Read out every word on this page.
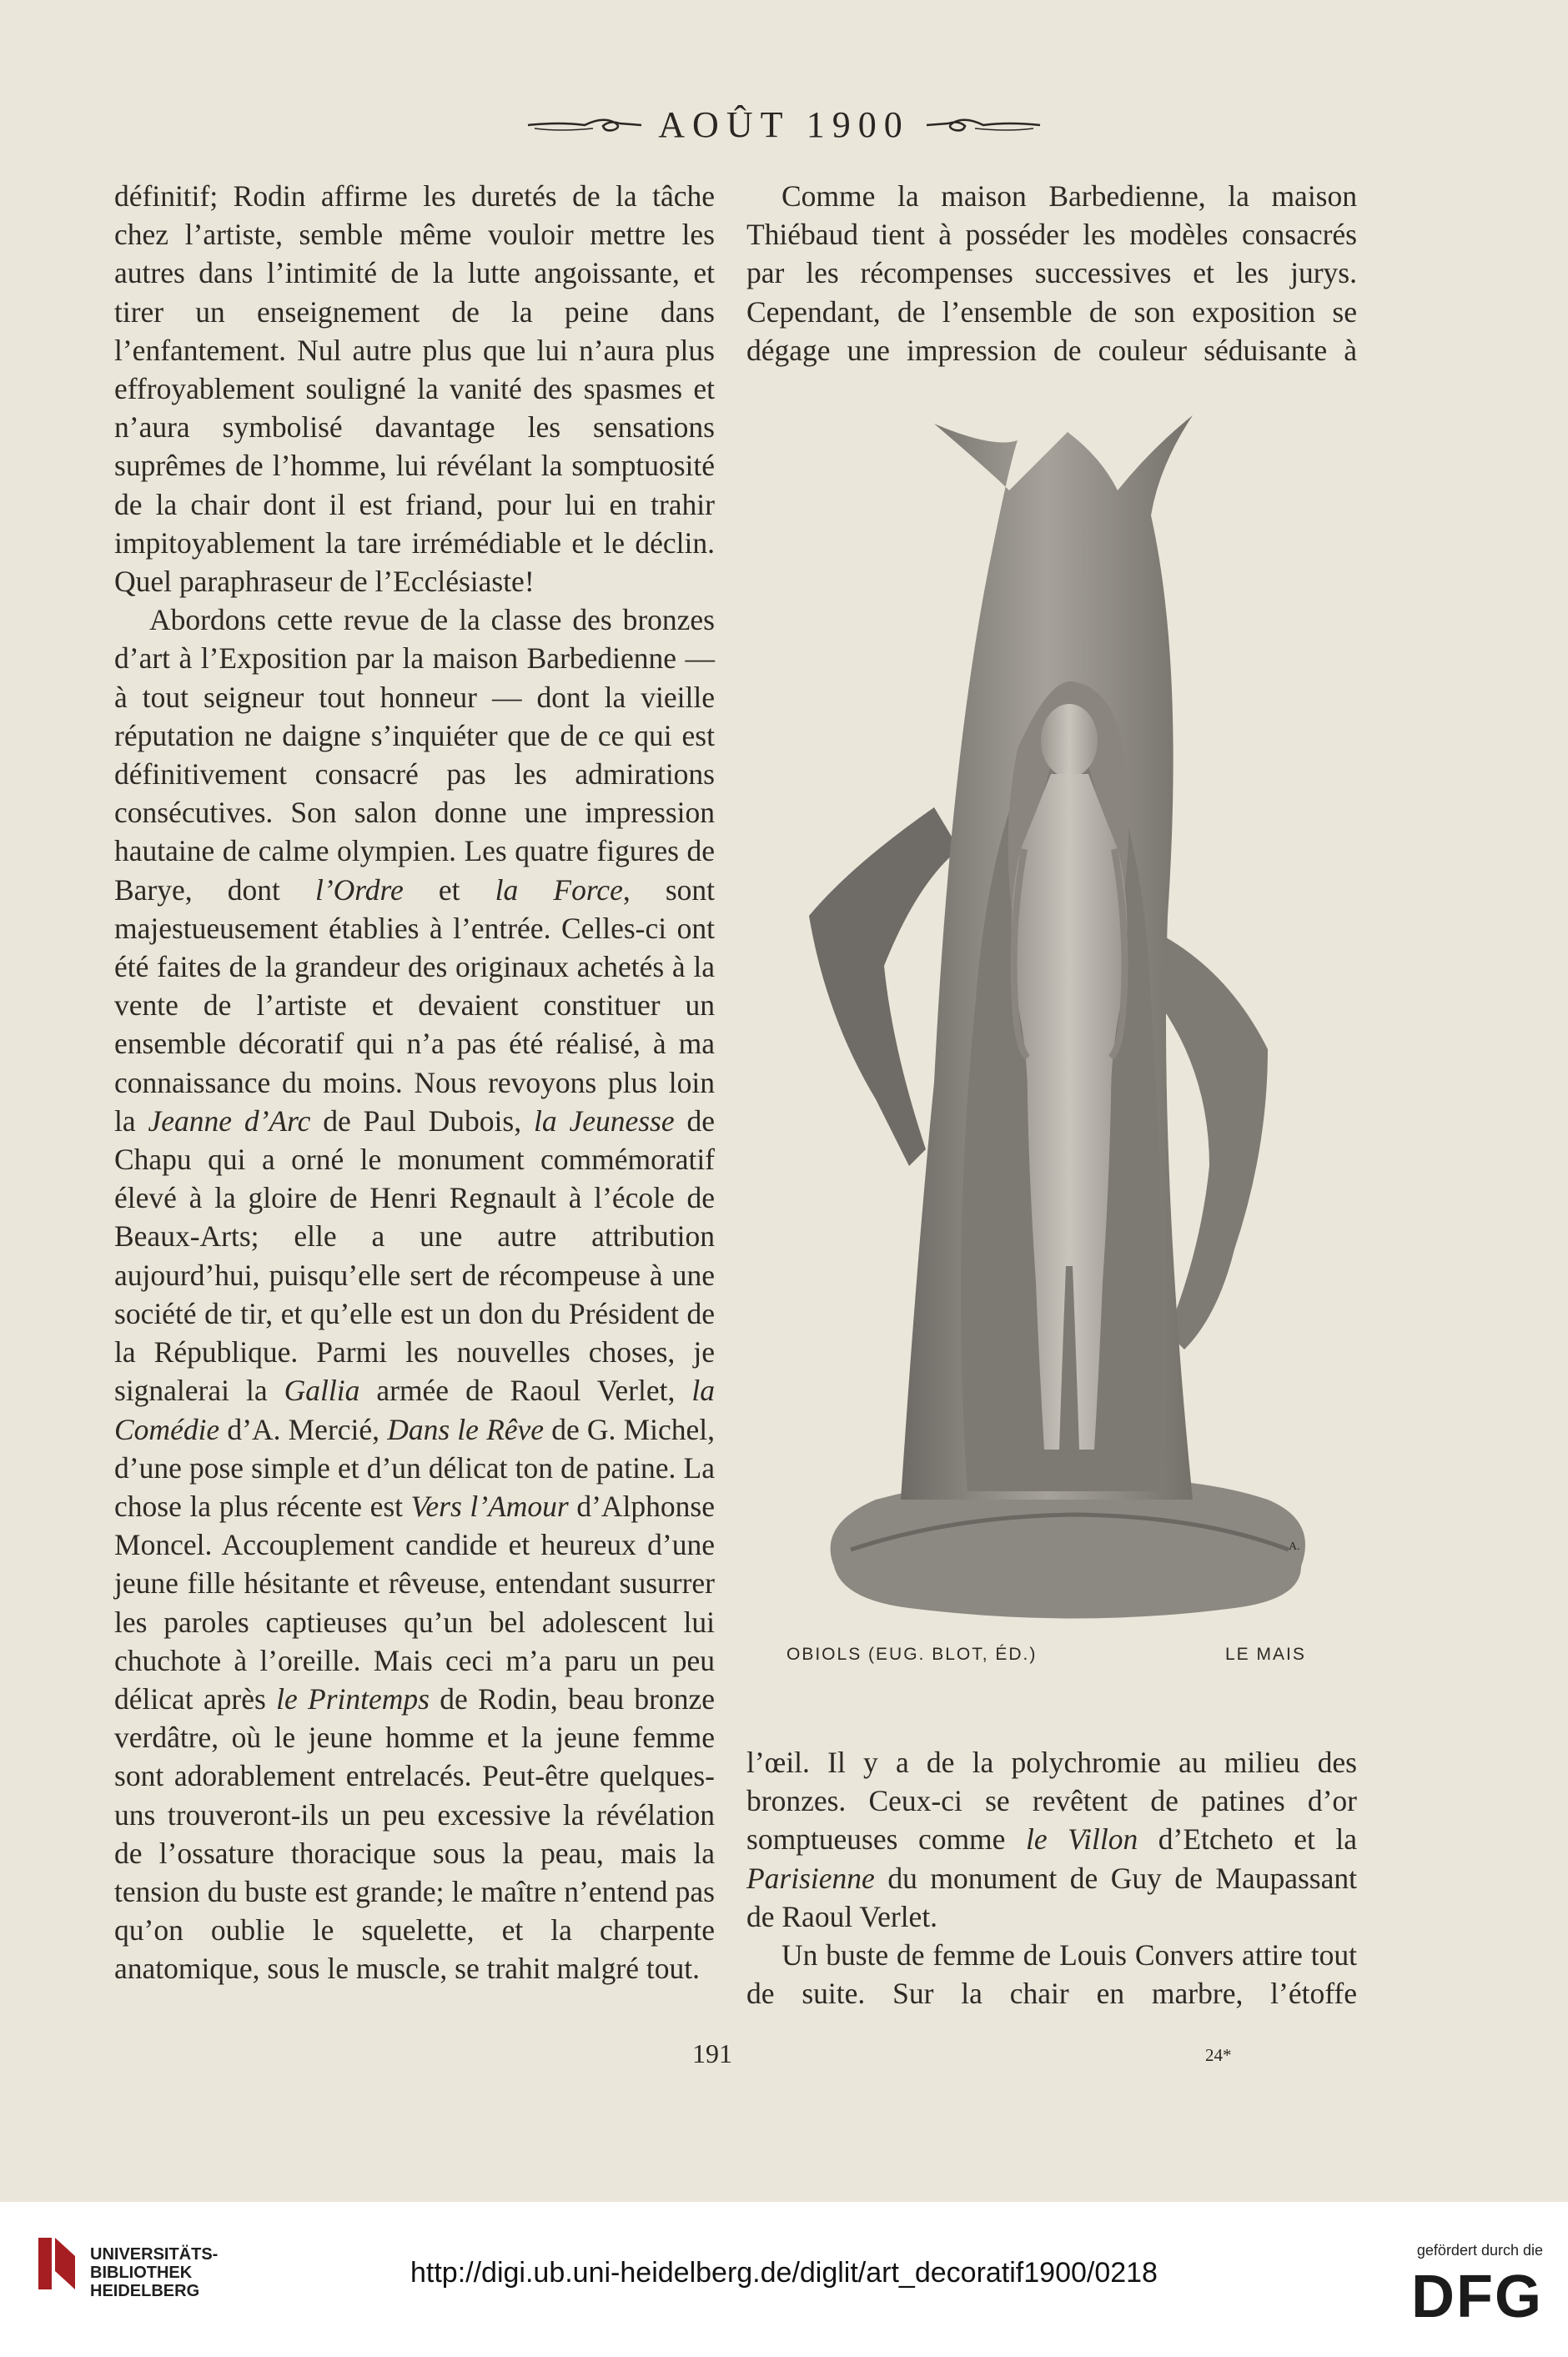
AOÛT 1900

définitif; Rodin affirme les duretés de la tâche chez l’artiste, semble même vouloir mettre les autres dans l’intimité de la lutte angoissante, et tirer un enseignement de la peine dans l’enfantement. Nul autre plus que lui n’aura plus effroyablement souligné la vanité des spasmes et n’aura symbolisé davantage les sensations suprêmes de l’homme, lui révélant la somptuosité de la chair dont il est friand, pour lui en trahir impitoyablement la tare irrémédiable et le déclin. Quel paraphraseur de l’Ecclésiaste!

Abordons cette revue de la classe des bronzes d’art à l’Exposition par la maison Barbedienne — à tout seigneur tout honneur — dont la vieille réputation ne daigne s’inquiéter que de ce qui est définitivement consacré pas les admirations consécutives. Son salon donne une impression hautaine de calme olympien. Les quatre figures de Barye, dont l’Ordre et la Force, sont majestueusement établies à l’entrée. Celles-ci ont été faites de la grandeur des originaux achetés à la vente de l’artiste et devaient constituer un ensemble décoratif qui n’a pas été réalisé, à ma connaissance du moins. Nous revoyons plus loin la Jeanne d’Arc de Paul Dubois, la Jeunesse de Chapu qui a orné le monument commémoratif élevé à la gloire de Henri Regnault à l’école de Beaux-Arts; elle a une autre attribution aujourd’hui, puisqu’elle sert de récompeuse à une société de tir, et qu’elle est un don du Président de la République. Parmi les nouvelles choses, je signalerai la Gallia armée de Raoul Verlet, la Comédie d’A. Mercié, Dans le Rêve de G. Michel, d’une pose simple et d’un délicat ton de patine. La chose la plus récente est Vers l’Amour d’Alphonse Moncel. Accouplement candide et heureux d’une jeune fille hésitante et rêveuse, entendant susurrer les paroles captieuses qu’un bel adolescent lui chuchote à l’oreille. Mais ceci m’a paru un peu délicat après le Printemps de Rodin, beau bronze verdâtre, où le jeune homme et la jeune femme sont adorablement entrelacés. Peut-être quelques-uns trouveront-ils un peu excessive la révélation de l’ossature thoracique sous la peau, mais la tension du buste est grande; le maître n’entend pas qu’on oublie le squelette, et la charpente anatomique, sous le muscle, se trahit malgré tout.

Comme la maison Barbedienne, la maison Thiébaud tient à posséder les modèles consacrés par les récompenses successives et les jurys. Cependant, de l’ensemble de son exposition se dégage une impression de couleur séduisante à

A.
OBIOLS (EUG. BLOT, ÉD.)	LE MAIS

l’œil. Il y a de la polychromie au milieu des bronzes. Ceux-ci se revêtent de patines d’or somptueuses comme le Villon d’Etcheto et la Parisienne du monument de Guy de Maupassant de Raoul Verlet.

Un buste de femme de Louis Convers attire tout de suite. Sur la chair en marbre, l’étoffe

191	24*
UNIVERSITÄTS-
BIBLIOTHEK
HEIDELBERG
http://digi.ub.uni-heidelberg.de/diglit/art_decoratif1900/0218
gefördert durch die
DFG
